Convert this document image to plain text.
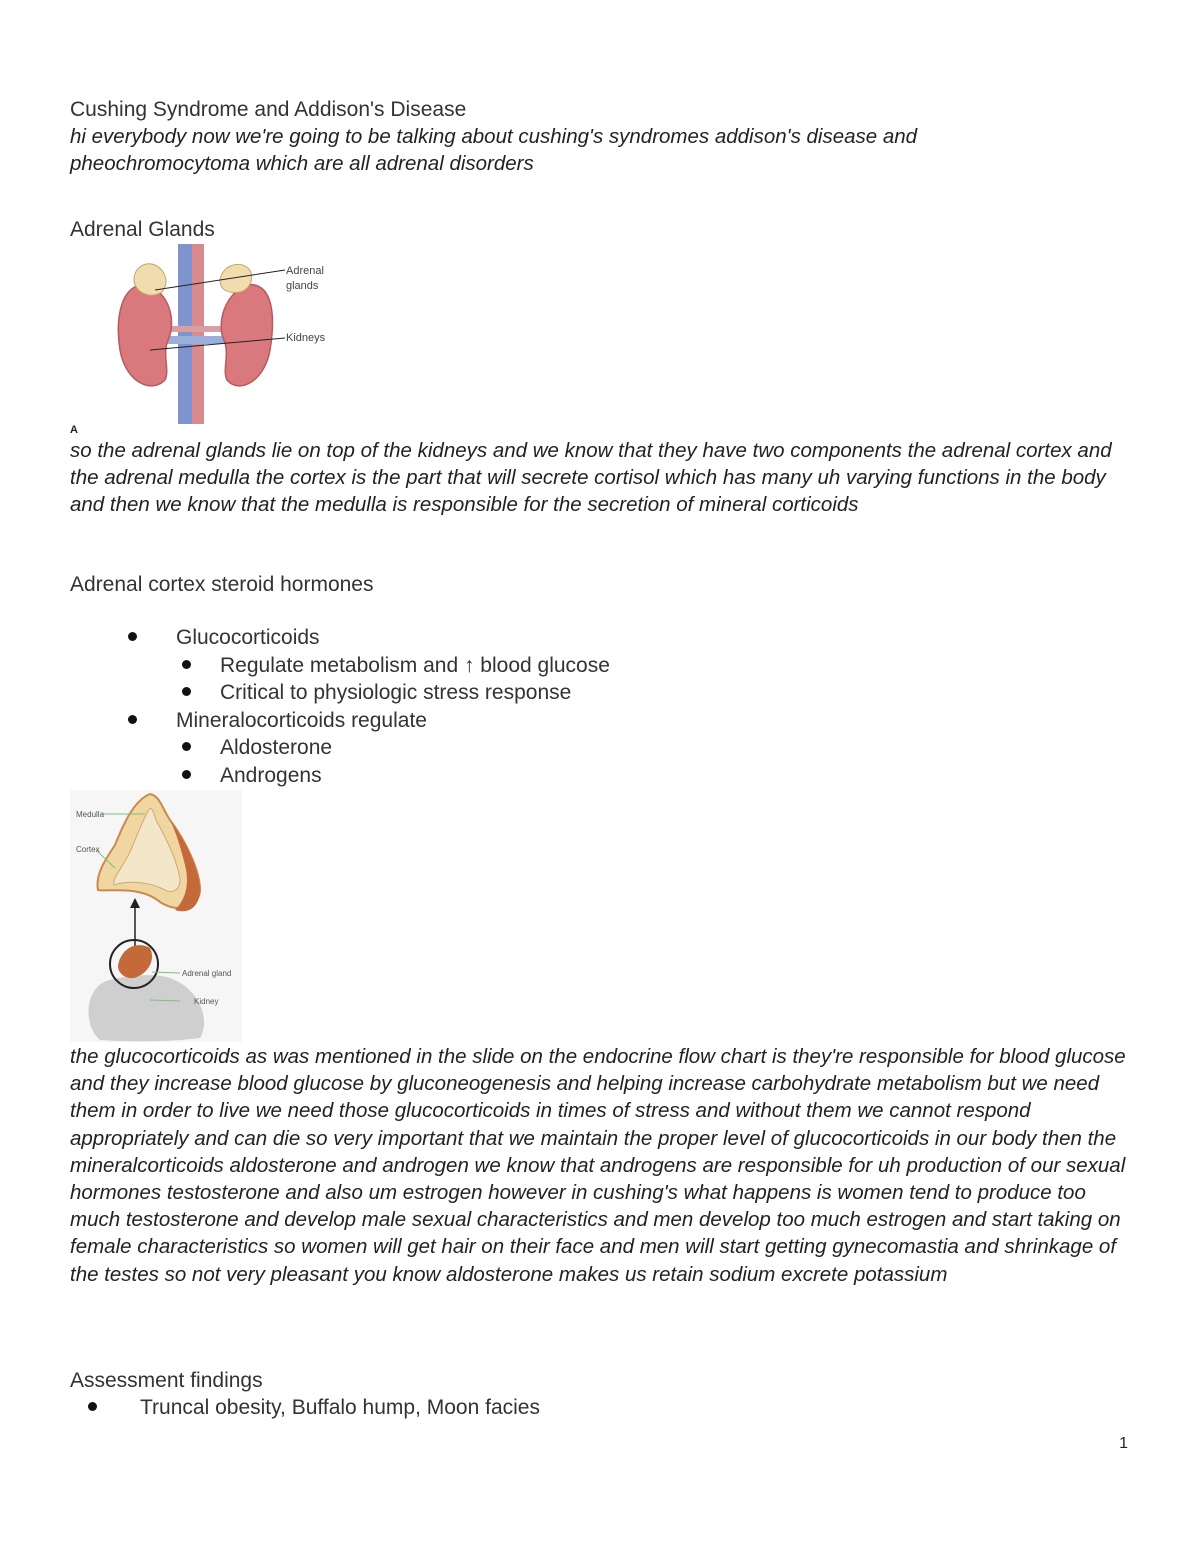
Cushing Syndrome and Addison's Disease
hi everybody now we're going to be talking about cushing's syndromes addison's disease and pheochromocytoma which are all adrenal disorders
Adrenal Glands
Adrenal
glands
Kidneys
A
so the adrenal glands lie on top of the kidneys and we know that they have two components the adrenal cortex and the adrenal medulla the cortex is the part that will secrete cortisol which has many uh varying functions in the body and then we know that the medulla is responsible for the secretion of mineral corticoids
Adrenal cortex steroid hormones
Glucocorticoids
Regulate metabolism and ↑ blood glucose
Critical to physiologic stress response
Mineralocorticoids regulate
Aldosterone
Androgens
Medulla
Cortex
Adrenal gland
Kidney
the glucocorticoids as was mentioned in the slide on the endocrine flow chart is they're responsible for blood glucose and they increase blood glucose by gluconeogenesis and helping increase carbohydrate metabolism but we need them in order to live we need those glucocorticoids in times of stress and without them we cannot respond appropriately and can die so very important that we maintain the proper level of glucocorticoids in our body then the mineralcorticoids aldosterone and androgen we know that androgens are responsible for uh production of our sexual hormones testosterone and also um estrogen however in cushing's what happens is women tend to produce too much testosterone and develop male sexual characteristics and men develop too much estrogen and start taking on female characteristics so women will get hair on their face and men will start getting gynecomastia and shrinkage of the testes so not very pleasant you know aldosterone makes us retain sodium excrete potassium
Assessment findings
Truncal obesity, Buffalo hump, Moon facies
1
